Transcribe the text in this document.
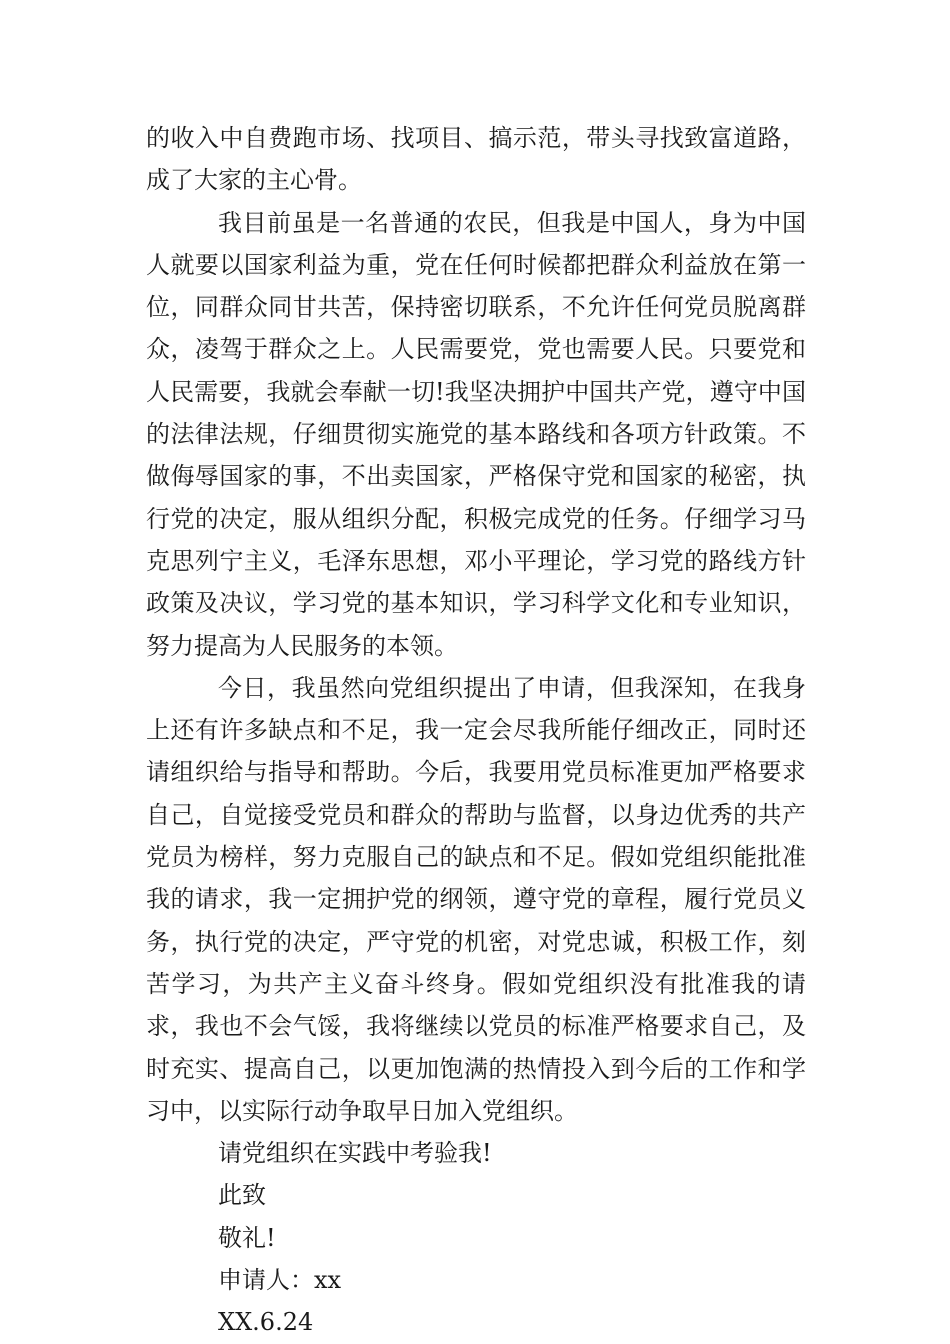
的收入中自费跑市场、找项目、搞示范，带头寻找致富道路，成了大家的主心骨。

我目前虽是一名普通的农民，但我是中国人，身为中国人就要以国家利益为重，党在任何时候都把群众利益放在第一位，同群众同甘共苦，保持密切联系，不允许任何党员脱离群众，凌驾于群众之上。人民需要党，党也需要人民。只要党和人民需要，我就会奉献一切!我坚决拥护中国共产党，遵守中国的法律法规，仔细贯彻实施党的基本路线和各项方针政策。不做侮辱国家的事，不出卖国家，严格保守党和国家的秘密，执行党的决定，服从组织分配，积极完成党的任务。仔细学习马克思列宁主义，毛泽东思想，邓小平理论，学习党的路线方针政策及决议，学习党的基本知识，学习科学文化和专业知识，努力提高为人民服务的本领。

今日，我虽然向党组织提出了申请，但我深知，在我身上还有许多缺点和不足，我一定会尽我所能仔细改正，同时还请组织给与指导和帮助。今后，我要用党员标准更加严格要求自己，自觉接受党员和群众的帮助与监督，以身边优秀的共产党员为榜样，努力克服自己的缺点和不足。假如党组织能批准我的请求，我一定拥护党的纲领，遵守党的章程，履行党员义务，执行党的决定，严守党的机密，对党忠诚，积极工作，刻苦学习，为共产主义奋斗终身。假如党组织没有批准我的请求，我也不会气馁，我将继续以党员的标准严格要求自己，及时充实、提高自己，以更加饱满的热情投入到今后的工作和学习中，以实际行动争取早日加入党组织。

请党组织在实践中考验我!

此致

敬礼!

申请人：xx

XX.6.24
